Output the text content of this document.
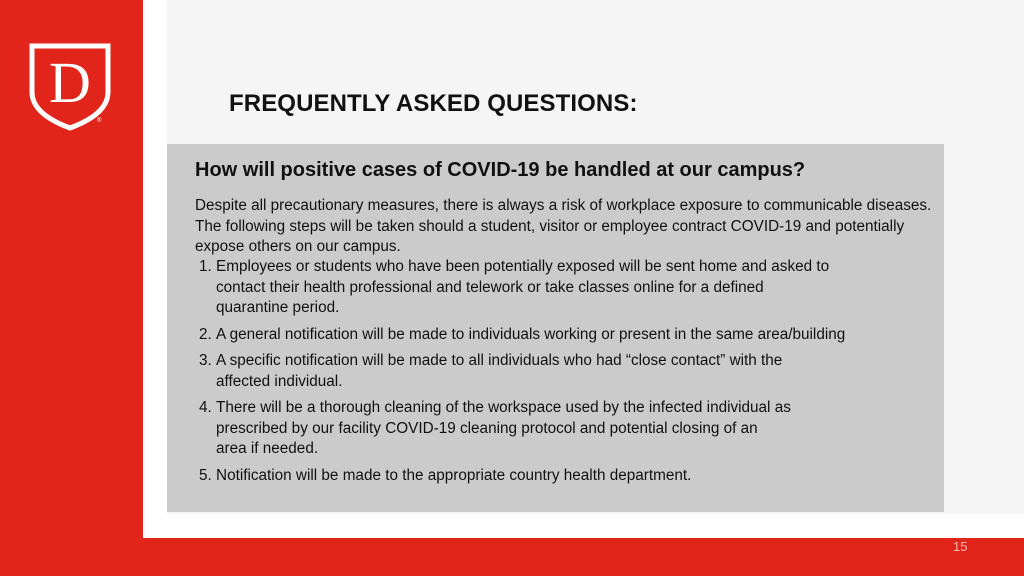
D
®
FREQUENTLY ASKED QUESTIONS:
How will positive cases of COVID-19 be handled at our campus?

Despite all precautionary measures, there is always a risk of workplace exposure to communicable diseases. The following steps will be taken should a student, visitor or employee contract COVID-19 and potentially expose others on our campus.

1.
Employees or students who have been potentially exposed will be sent home and asked to
contact their health professional and telework or take classes online for a defined
quarantine period.
2.
A general notification will be made to individuals working or present in the same area/building
3.
A specific notification will be made to all individuals who had “close contact” with the
affected individual.
4.
There will be a thorough cleaning of the workspace used by the infected individual as
prescribed by our facility COVID-19 cleaning protocol and potential closing of an
area if needed.
5.
Notification will be made to the appropriate country health department.
15
